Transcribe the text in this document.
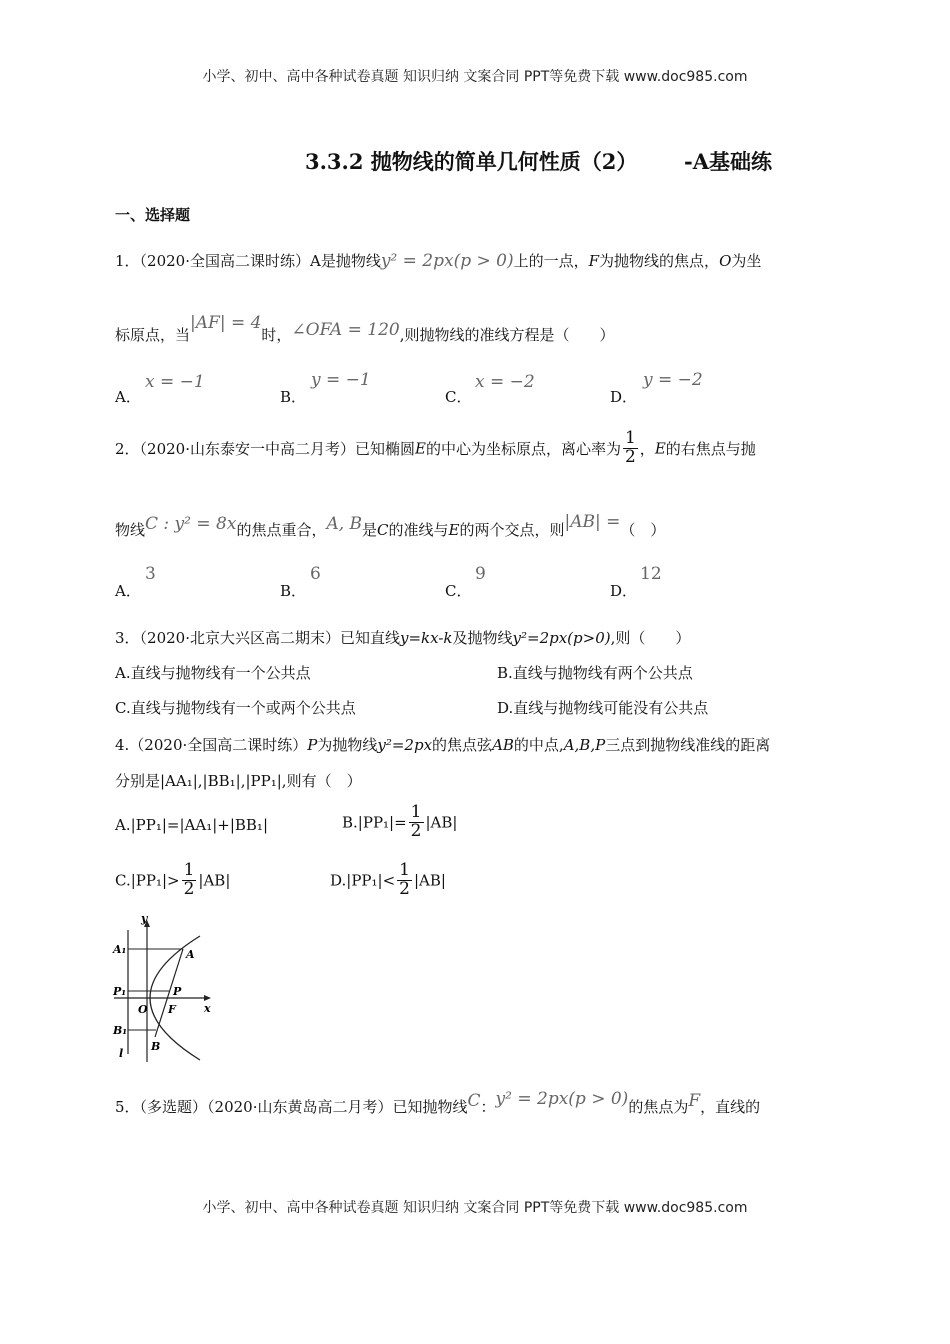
小学、初中、高中各种试卷真题 知识归纳 文案合同 PPT等免费下载 www.doc985.com
3.3.2 抛物线的简单几何性质（2） -A基础练
一、选择题
1．（2020·全国高二课时练）A是抛物线y² = 2px(p > 0)上的一点，F为抛物线的焦点，O为坐
标原点，当|AF| = 4时，∠OFA = 120,则抛物线的准线方程是（　　）
A．
x = −1
B．
y = −1
C．
x = −2
D．
y = −2
2．（2020·山东泰安一中高二月考）已知椭圆E的中心为坐标原点，离心率为 $\frac{1}{2}$ ，E的右焦点与抛
物线C : y² = 8x的焦点重合，A, B是C的准线与E的两个交点，则|AB| =（　）
A．
3
B．
6
C．
9
D．
12
3．（2020·北京大兴区高二期末）已知直线y=kx-k及抛物线y²=2px(p>0),则（　　）
A.直线与抛物线有一个公共点	B.直线与抛物线有两个公共点
C.直线与抛物线有一个或两个公共点	D.直线与抛物线可能没有公共点
4.（2020·全国高二课时练）P为抛物线y²=2px的焦点弦AB的中点,A,B,P三点到抛物线准线的距离
分别是|AA₁|,|BB₁|,|PP₁|,则有（　）
A.|PP₁|=|AA₁|+|BB₁|	$B.|PP_1|= \frac{1}{2} |AB|$
$C.|PP_1|> \frac{1}{2} |AB|$	$D.|PP_1|< \frac{1}{2} |AB|$
y
x
A₁	A
P₁	P
O F
B₁
B
l
5．（多选题）（2020·山东黄岛高二月考）已知抛物线C：y² = 2px(p > 0)的焦点为F，直线的
小学、初中、高中各种试卷真题 知识归纳 文案合同 PPT等免费下载 www.doc985.com
